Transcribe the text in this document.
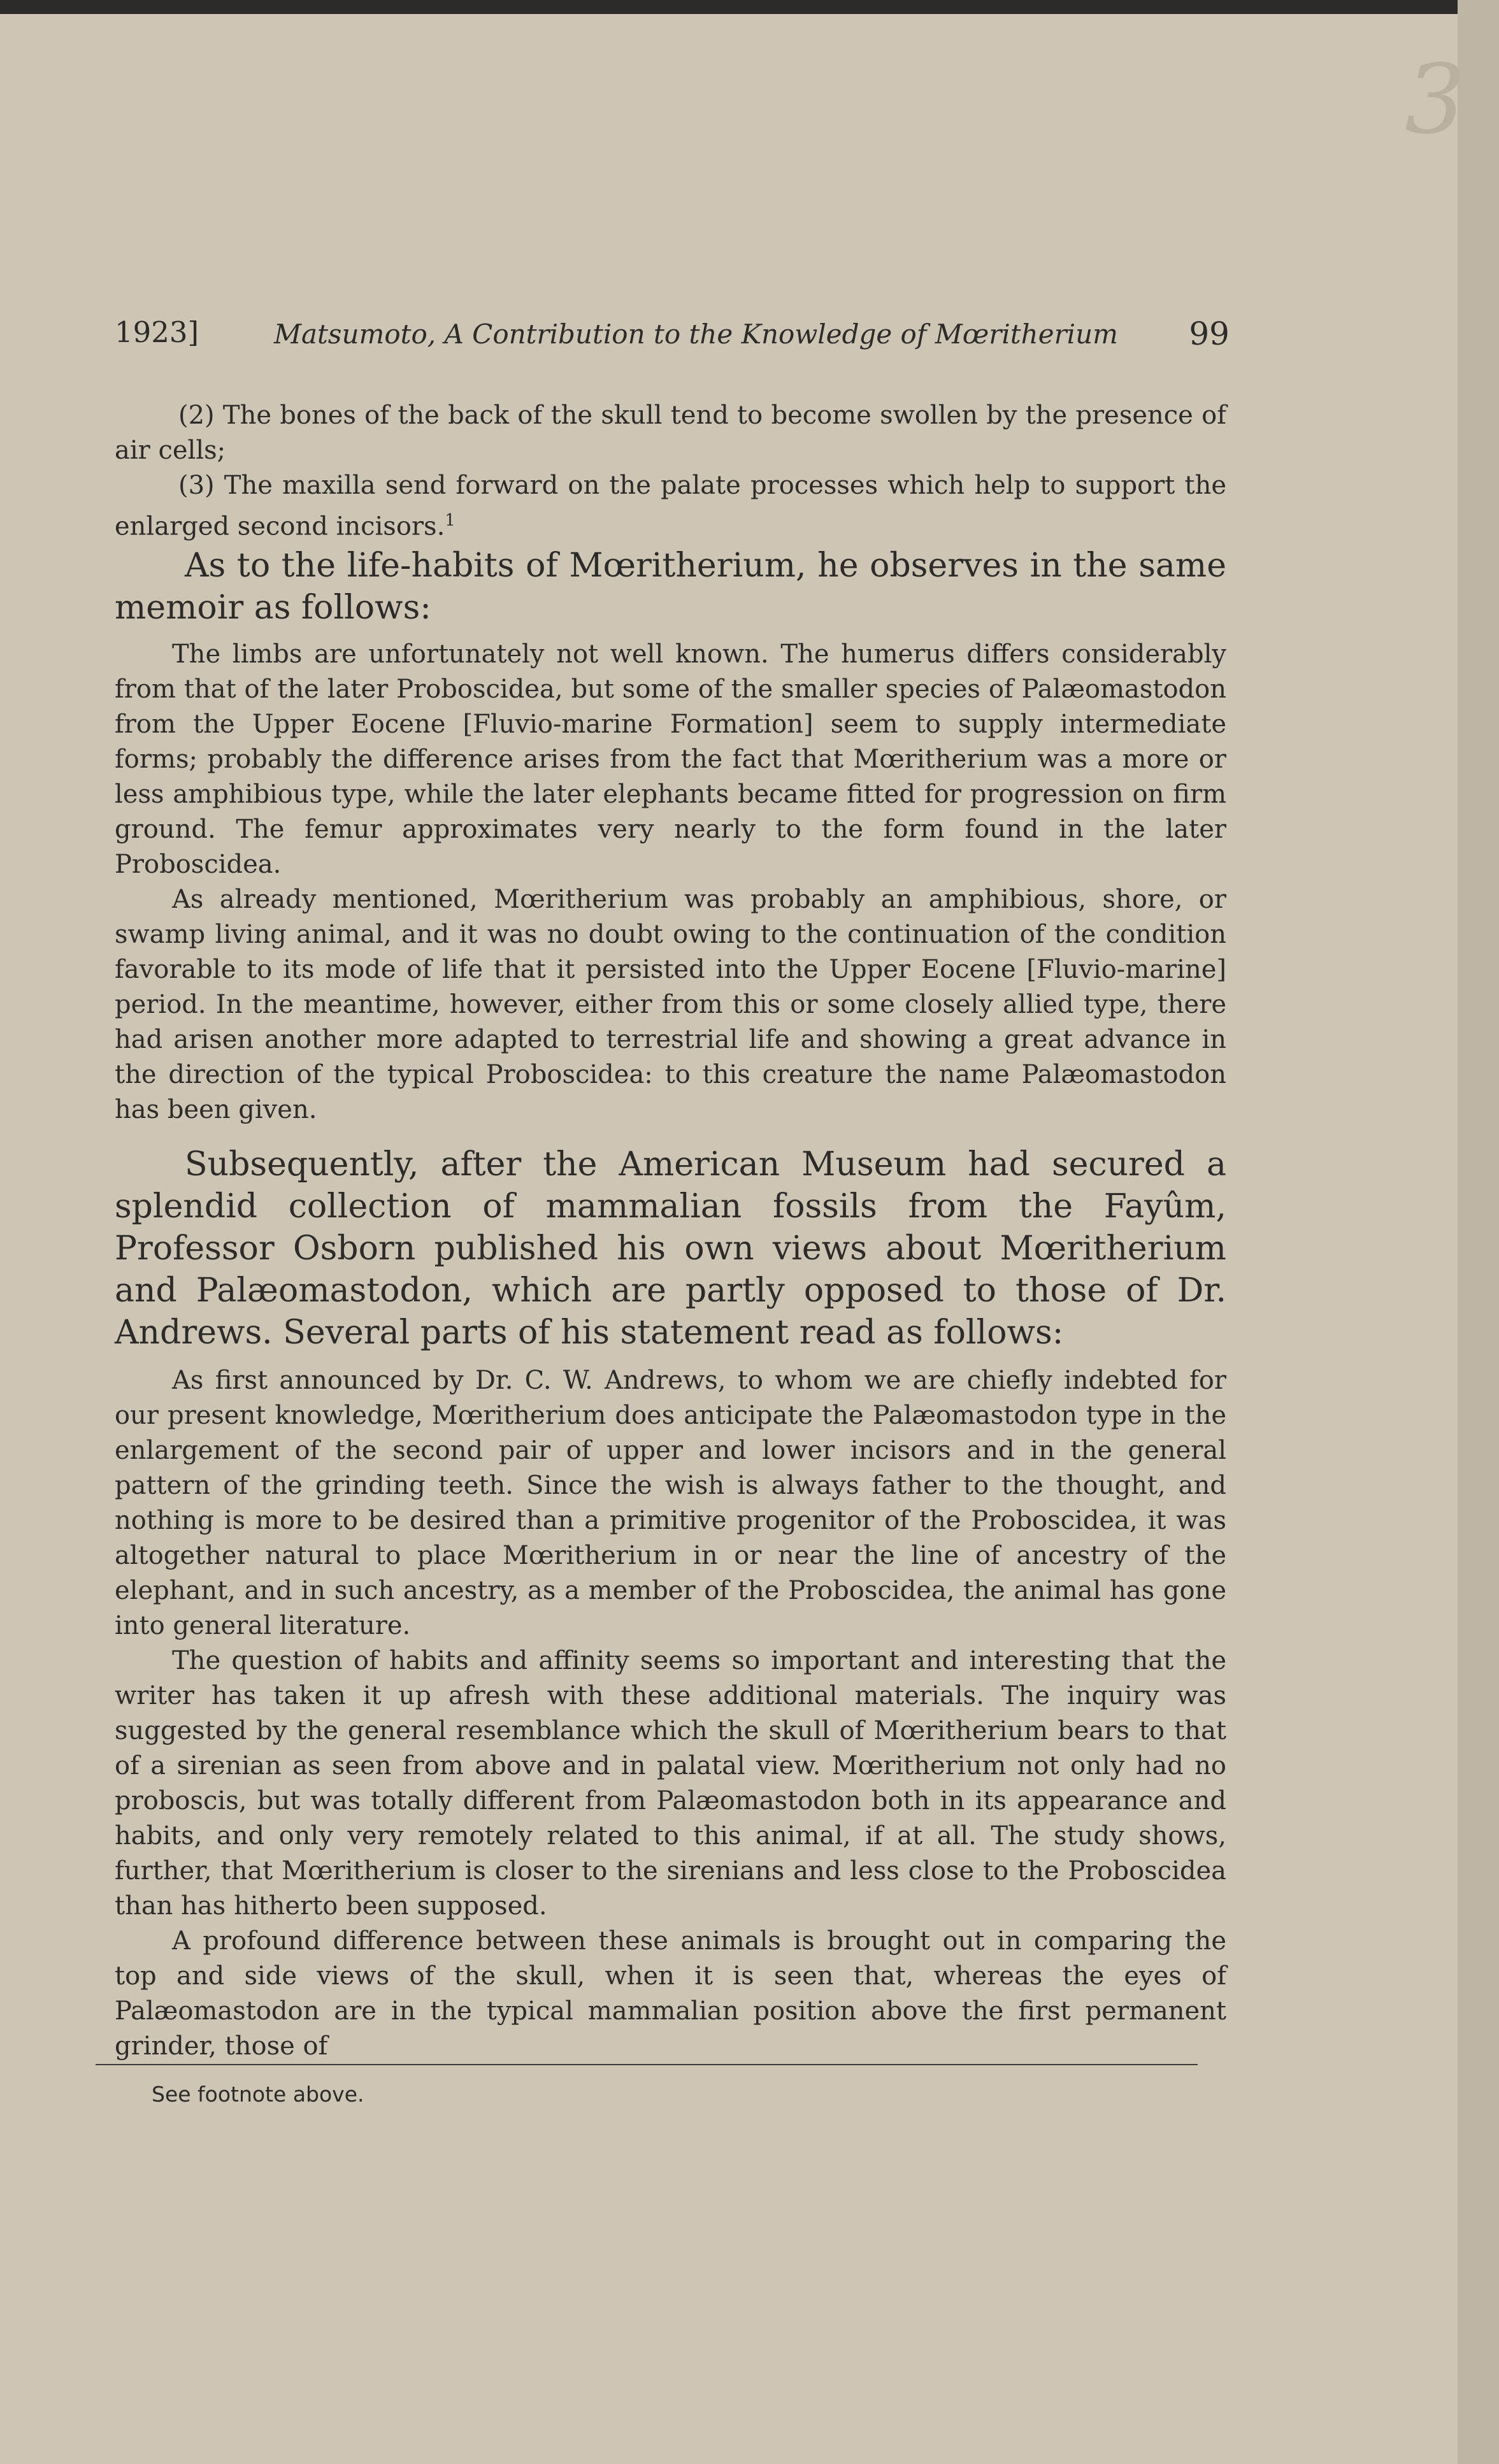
3
1923]	Matsumoto, A Contribution to the Knowledge of Mœritherium 99

(2) The bones of the back of the skull tend to become swollen by the presence of air cells;

(3) The maxilla send forward on the palate processes which help to support the enlarged second incisors.$^1$

As to the life-habits of Mœritherium, he observes in the same memoir as follows:

The limbs are unfortunately not well known. The humerus differs considerably from that of the later Proboscidea, but some of the smaller species of Palæomastodon from the Upper Eocene [Fluvio-marine Formation] seem to supply intermediate forms; probably the difference arises from the fact that Mœritherium was a more or less amphibious type, while the later elephants became fitted for progression on firm ground. The femur approximates very nearly to the form found in the later Proboscidea.

As already mentioned, Mœritherium was probably an amphibious, shore, or swamp living animal, and it was no doubt owing to the continuation of the condition favorable to its mode of life that it persisted into the Upper Eocene [Fluvio-marine] period. In the meantime, however, either from this or some closely allied type, there had arisen another more adapted to terrestrial life and showing a great advance in the direction of the typical Proboscidea: to this creature the name Palæomastodon has been given.

Subsequently, after the American Museum had secured a splendid collection of mammalian fossils from the Fayûm, Professor Osborn published his own views about Mœritherium and Palæomastodon, which are partly opposed to those of Dr. Andrews. Several parts of his statement read as follows:

As first announced by Dr. C. W. Andrews, to whom we are chiefly indebted for our present knowledge, Mœritherium does anticipate the Palæomastodon type in the enlargement of the second pair of upper and lower incisors and in the general pattern of the grinding teeth. Since the wish is always father to the thought, and nothing is more to be desired than a primitive progenitor of the Proboscidea, it was altogether natural to place Mœritherium in or near the line of ancestry of the elephant, and in such ancestry, as a member of the Proboscidea, the animal has gone into general literature.

The question of habits and affinity seems so important and interesting that the writer has taken it up afresh with these additional materials. The inquiry was suggested by the general resemblance which the skull of Mœritherium bears to that of a sirenian as seen from above and in palatal view. Mœritherium not only had no proboscis, but was totally different from Palæomastodon both in its appearance and habits, and only very remotely related to this animal, if at all. The study shows, further, that Mœritherium is closer to the sirenians and less close to the Proboscidea than has hitherto been supposed.

A profound difference between these animals is brought out in comparing the top and side views of the skull, when it is seen that, whereas the eyes of Palæomastodon are in the typical mammalian position above the first permanent grinder, those of

See footnote above.
